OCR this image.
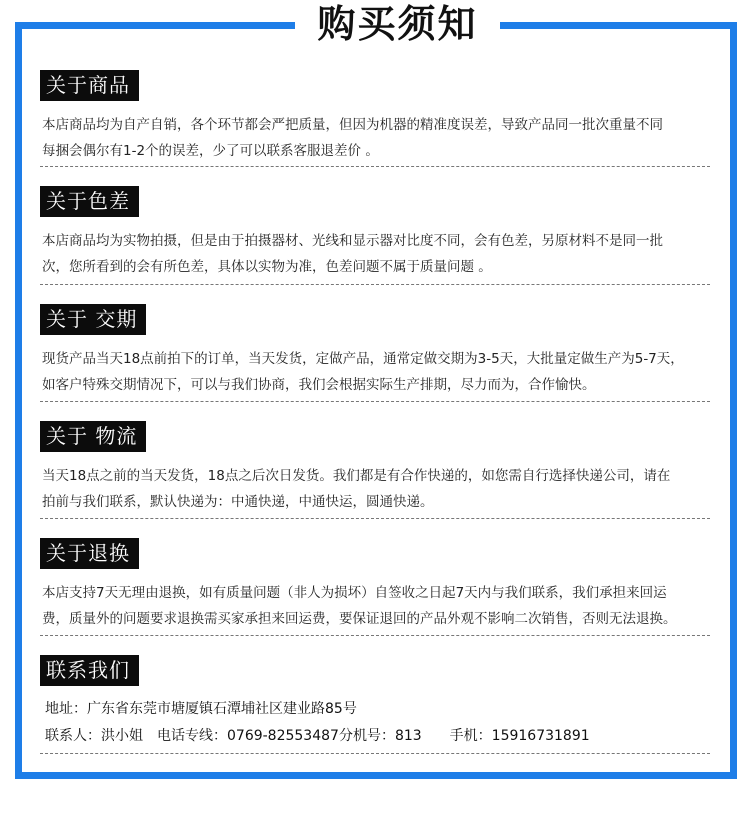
购买须知
关于商品
本店商品均为自产自销，各个环节都会严把质量，但因为机器的精准度误差，导致产品同一批次重量不同
每捆会偶尔有1-2个的误差，少了可以联系客服退差价 。
关于色差
本店商品均为实物拍摄，但是由于拍摄器材、光线和显示器对比度不同，会有色差，另原材料不是同一批
次，您所看到的会有所色差，具体以实物为准，色差问题不属于质量问题 。
关于 交期
现货产品当天18点前拍下的订单，当天发货，定做产品，通常定做交期为3-5天，大批量定做生产为5-7天，
如客户特殊交期情况下，可以与我们协商，我们会根据实际生产排期，尽力而为，合作愉快。
关于 物流
当天18点之前的当天发货，18点之后次日发货。我们都是有合作快递的，如您需自行选择快递公司，请在
拍前与我们联系，默认快递为：中通快递，中通快运，圆通快递。
关于退换
本店支持7天无理由退换，如有质量问题（非人为损坏）自签收之日起7天内与我们联系，我们承担来回运
费，质量外的问题要求退换需买家承担来回运费，要保证退回的产品外观不影响二次销售，否则无法退换。
联系我们
地址：广东省东莞市塘厦镇石潭埔社区建业路85号
联系人：洪小姐 电话专线：0769-82553487分机号：813 手机：15916731891
